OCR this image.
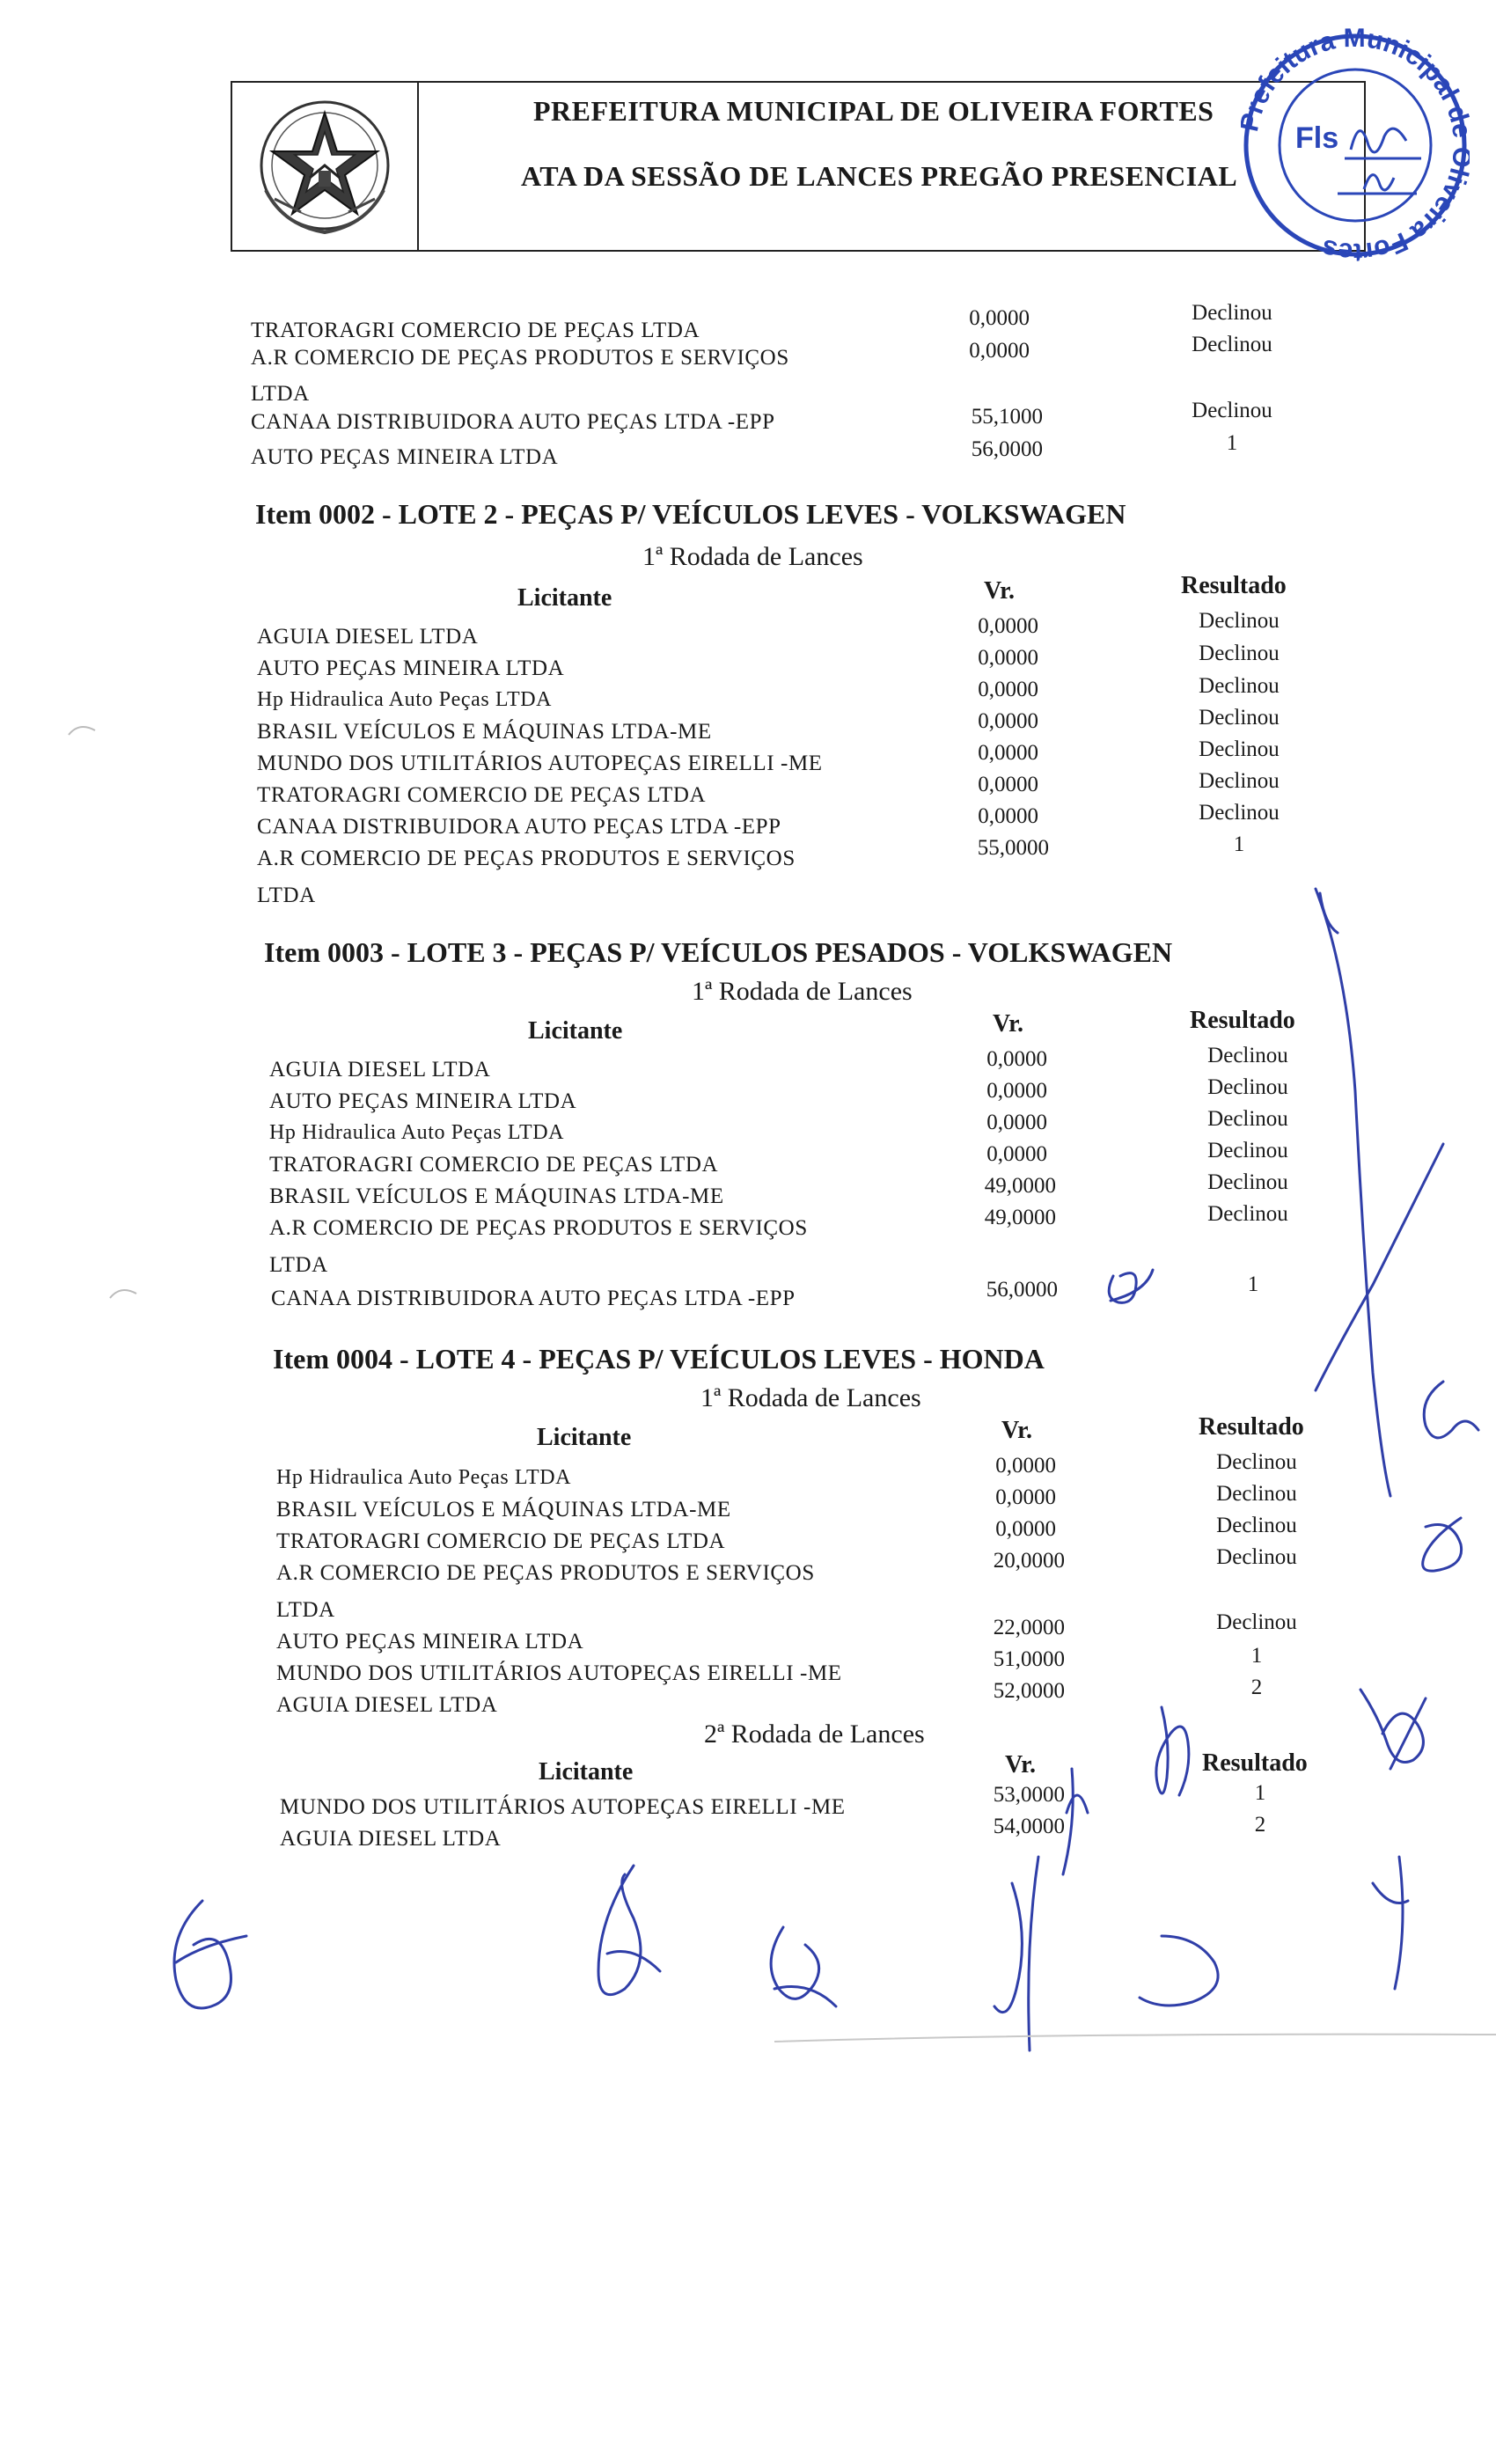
PREFEITURA MUNICIPAL DE OLIVEIRA FORTES
ATA DA SESSÃO DE LANCES PREGÃO PRESENCIAL
refeitura Municipal iveira Fortes
Fls
TRATORAGRI COMERCIO DE PEÇAS LTDA
0,0000	Declinou
A.R COMERCIO DE PEÇAS PRODUTOS E SERVIÇOS
LTDA
0,0000	Declinou
CANAA DISTRIBUIDORA AUTO PEÇAS LTDA -EPP	55,1000	Declinou
AUTO PEÇAS MINEIRA LTDA	56,0000	1
Item 0002 - LOTE 2 - PEÇAS P/ VEÍCULOS LEVES - VOLKSWAGEN
1ª Rodada de Lances
Licitante	Vr.	Resultado
AGUIA DIESEL LTDA	0,0000	Declinou
AUTO PEÇAS MINEIRA LTDA	0,0000	Declinou
Hp Hidraulica Auto Peças LTDA	0,0000	Declinou
BRASIL VEÍCULOS E MÁQUINAS LTDA-ME	0,0000	Declinou
MUNDO DOS UTILITÁRIOS AUTOPEÇAS EIRELLI -ME	0,0000	Declinou
TRATORAGRI COMERCIO DE PEÇAS LTDA	0,0000	Declinou
CANAA DISTRIBUIDORA AUTO PEÇAS LTDA -EPP	0,0000	Declinou
A.R COMERCIO DE PEÇAS PRODUTOS E SERVIÇOS
LTDA
55,0000	1
Item 0003 - LOTE 3 - PEÇAS P/ VEÍCULOS PESADOS - VOLKSWAGEN
1ª Rodada de Lances
Licitante	Vr.	Resultado
AGUIA DIESEL LTDA	0,0000	Declinou
AUTO PEÇAS MINEIRA LTDA	0,0000	Declinou
Hp Hidraulica Auto Peças LTDA	0,0000	Declinou
TRATORAGRI COMERCIO DE PEÇAS LTDA	0,0000	Declinou
BRASIL VEÍCULOS E MÁQUINAS LTDA-ME	49,0000	Declinou
A.R COMERCIO DE PEÇAS PRODUTOS E SERVIÇOS
LTDA
49,0000	Declinou
CANAA DISTRIBUIDORA AUTO PEÇAS LTDA -EPP	56,0000	1
Item 0004 - LOTE 4 - PEÇAS P/ VEÍCULOS LEVES - HONDA
1ª Rodada de Lances
Licitante	Vr.	Resultado
Hp Hidraulica Auto Peças LTDA	0,0000	Declinou
BRASIL VEÍCULOS E MÁQUINAS LTDA-ME
0,0000	Declinou
TRATORAGRI COMERCIO DE PEÇAS LTDA
0,0000	Declinou
A.R COMERCIO DE PEÇAS PRODUTOS E SERVIÇOS
LTDA
20,0000	Declinou
AUTO PEÇAS MINEIRA LTDA
22,0000	Declinou
MUNDO DOS UTILITÁRIOS AUTOPEÇAS EIRELLI -ME
51,0000	1
AGUIA DIESEL LTDA
52,0000	2
2ª Rodada de Lances
Licitante	Vr.	Resultado
MUNDO DOS UTILITÁRIOS AUTOPEÇAS EIRELLI -ME
53,0000	1
AGUIA DIESEL LTDA
54,0000	2
